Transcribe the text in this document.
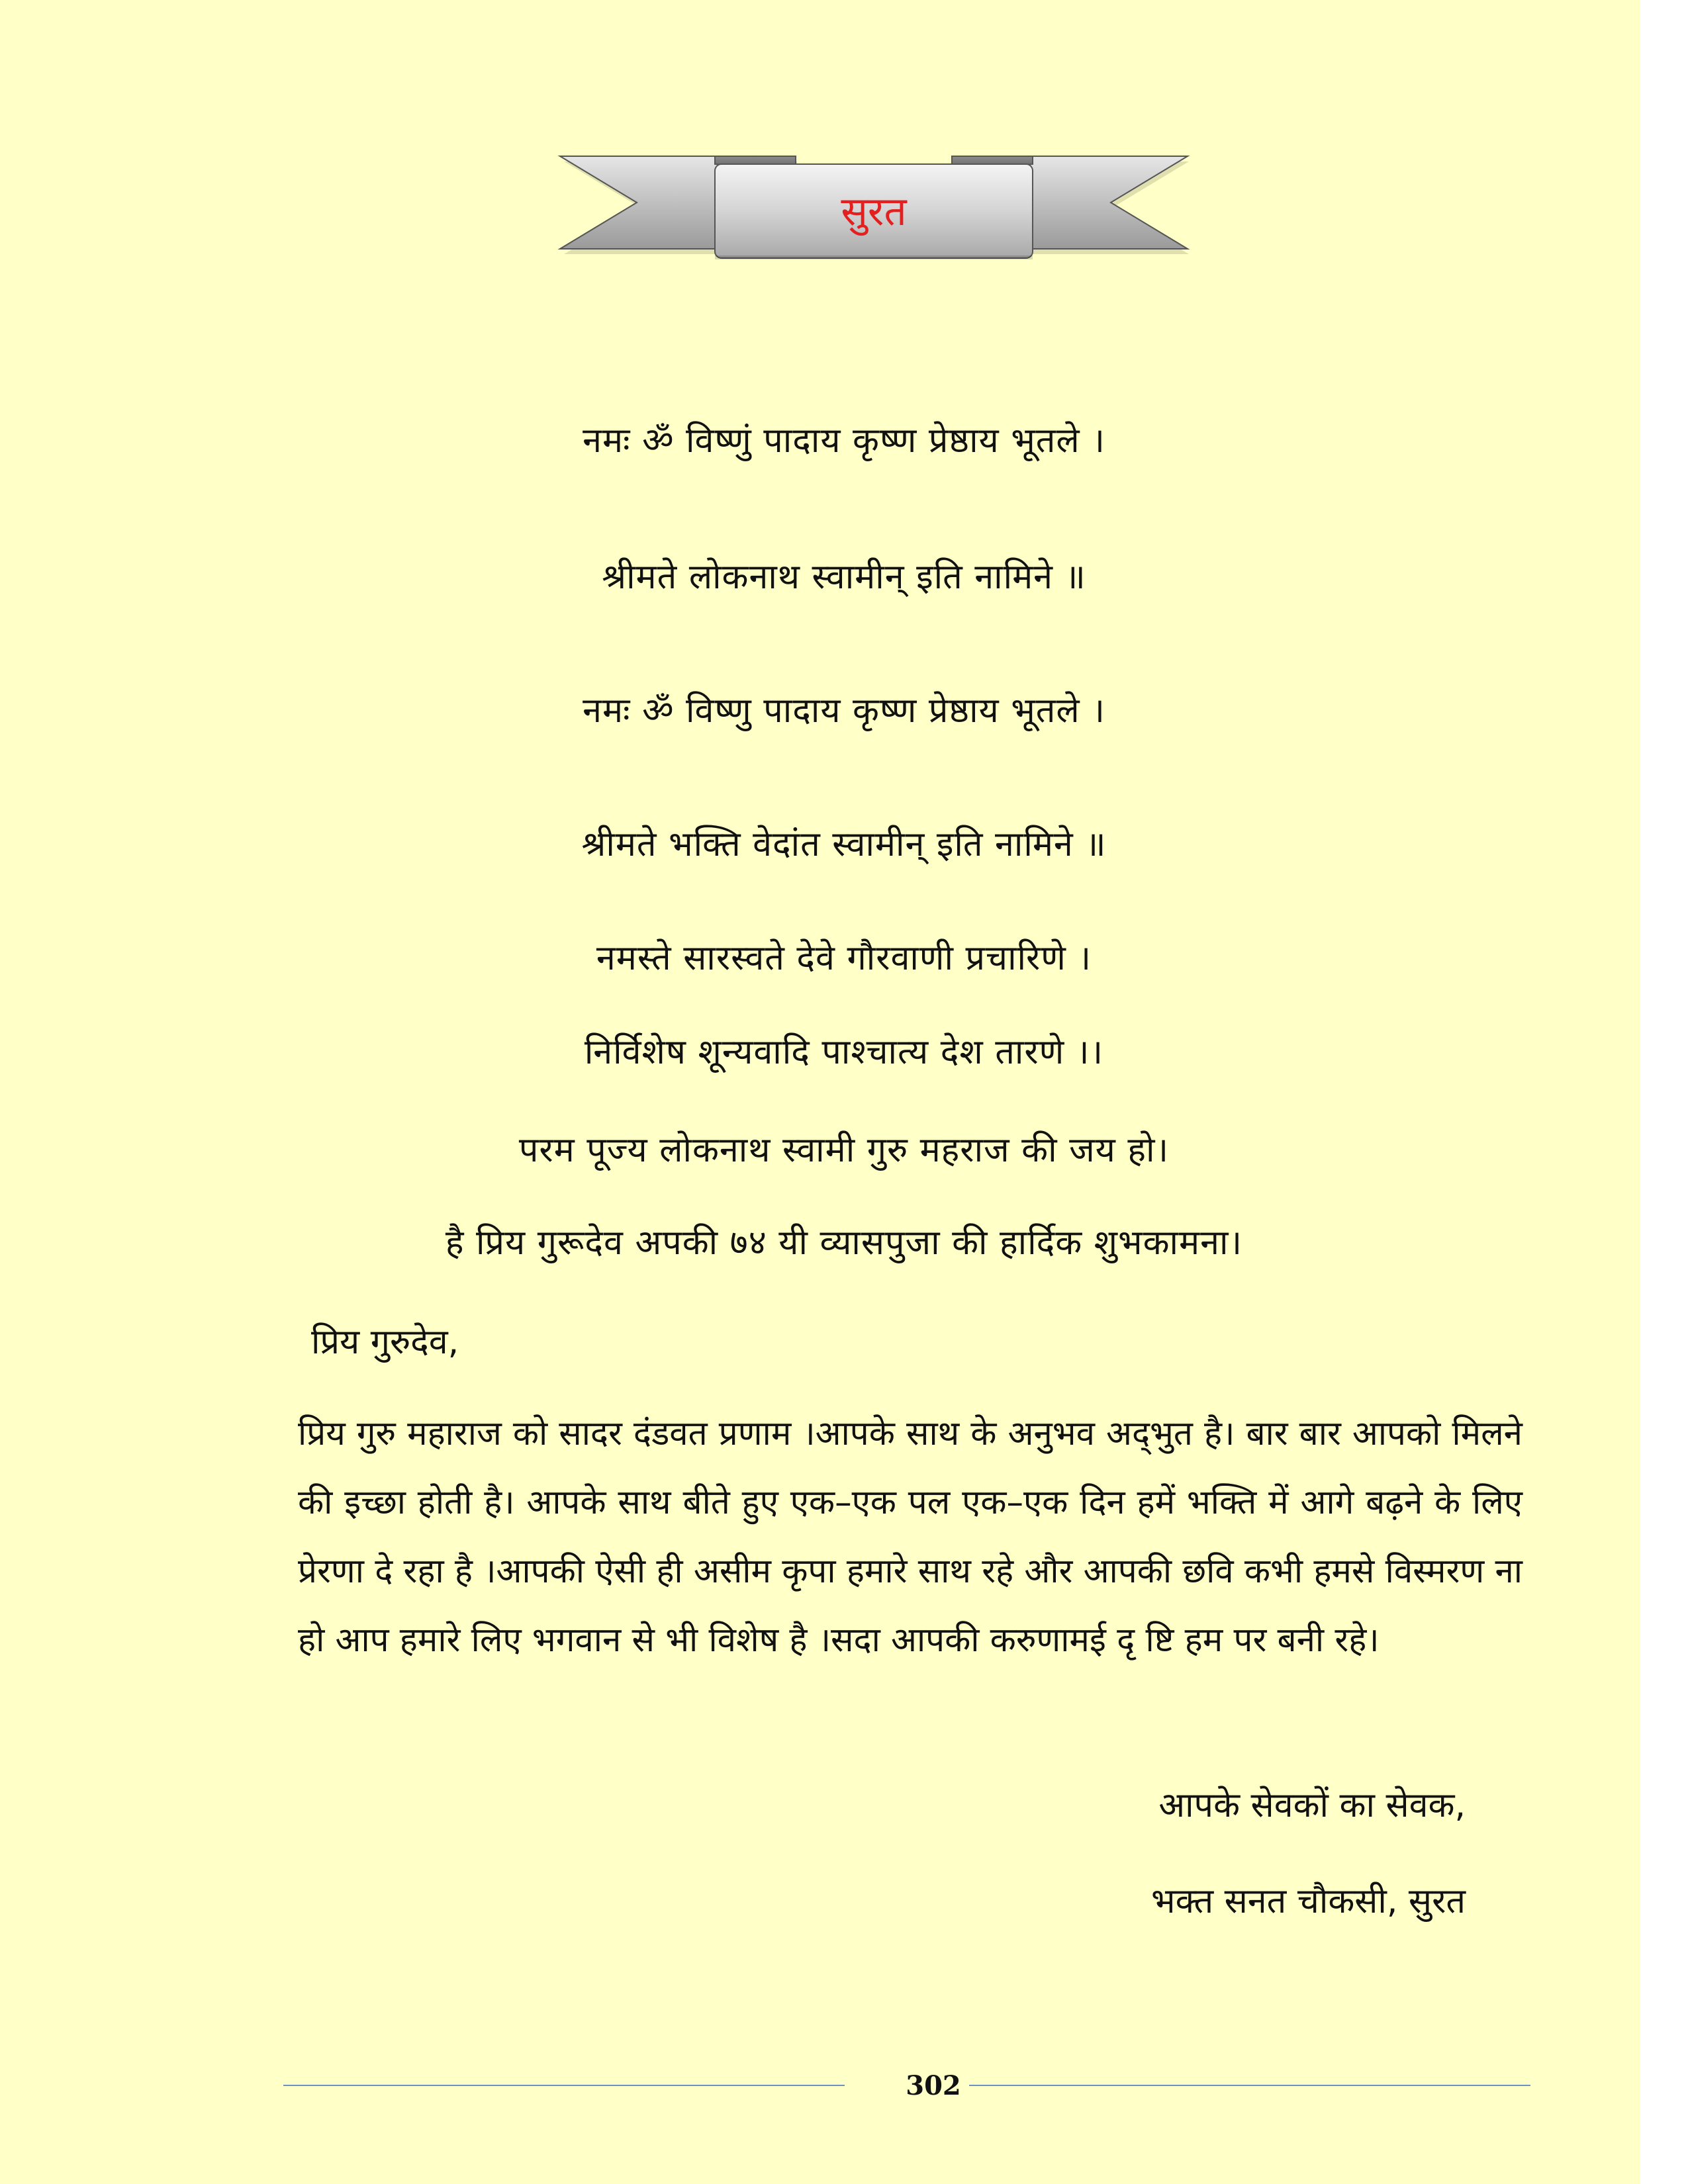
सुरत
नमः ॐ विष्णुं पादाय कृष्ण प्रेष्ठाय भूतले ।
श्रीमते लोकनाथ स्वामीन् इति नामिने ॥
नमः ॐ विष्णु पादाय कृष्ण प्रेष्ठाय भूतले ।
श्रीमते भक्ति वेदांत स्वामीन् इति नामिने ॥
नमस्ते सारस्वते देवे गौरवाणी प्रचारिणे ।
निर्विशेष शून्यवादि पाश्चात्य देश तारणे ।।
परम पूज्य लोकनाथ स्वामी गुरु महराज की जय हो।
है प्रिय गुरूदेव अपकी ७४ यी व्यासपुजा की हार्दिक शुभकामना।
प्रिय गुरुदेव,
प्रिय गुरु महाराज को सादर दंडवत प्रणाम ।आपके साथ के अनुभव अद्‌भुत है। बार बार आपको मिलने की इच्छा होती है। आपके साथ बीते हुए एक–एक पल एक–एक दिन हमें भक्ति में आगे बढ़ने के लिए प्रेरणा दे रहा है ।आपकी ऐसी ही असीम कृपा हमारे साथ रहे और आपकी छवि कभी हमसे विस्मरण ना हो आप हमारे लिए भगवान से भी विशेष है ।सदा आपकी करुणामई दृ ष्टि हम पर बनी रहे।
आपके सेवकों का सेवक,
भक्त सनत चौकसी, सुरत
302
